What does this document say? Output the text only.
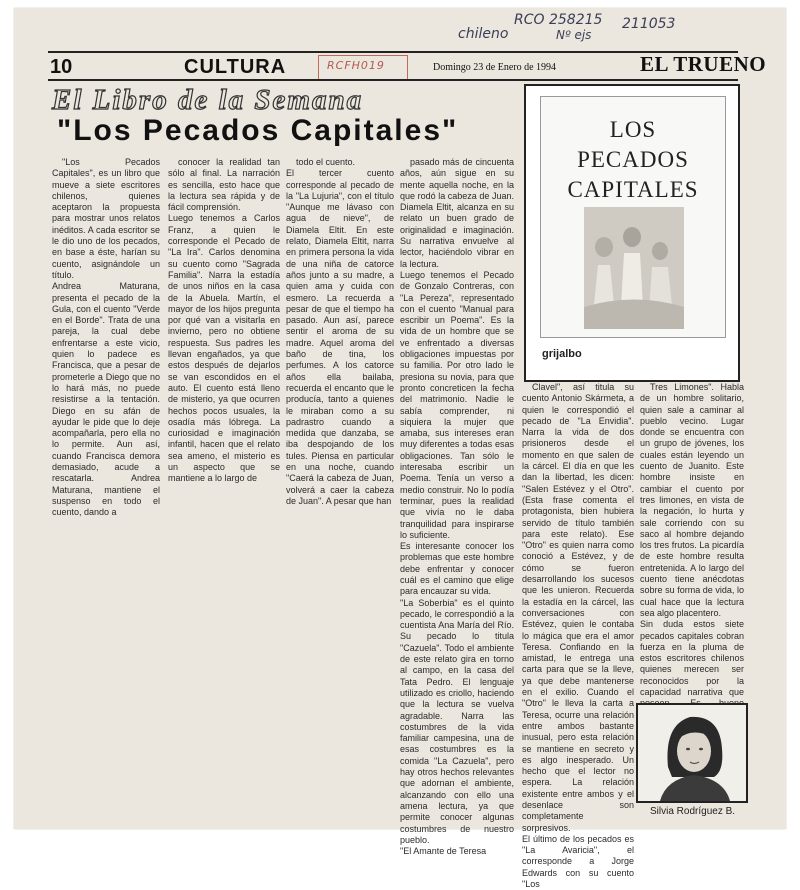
RCO 258215
chileno	Nº ejs
211053
10	CULTURA	RCFH019	Domingo 23 de Enero de 1994	EL TRUENO
El Libro de la Semana
"Los Pecados Capitales"
"Los Pecados Capitales", es un libro que mueve a siete escritores chilenos, quienes aceptaron la propuesta para mostrar unos relatos inéditos. A cada escritor se le dio uno de los pecados, en base a éste, harían su cuento, asignándole un título.
Andrea Maturana, presenta el pecado de la Gula, con el cuento "Verde en el Borde". Trata de una pareja, la cual debe enfrentarse a este vicio, quien lo padece es Francisca, que a pesar de prometerle a Diego que no lo hará más, no puede resistirse a la tentación. Diego en su afán de ayudar le pide que lo deje acompañarla, pero ella no lo permite. Aun así, cuando Francisca demora demasiado, acude a rescatarla. Andrea Maturana, mantiene el suspenso en todo el cuento, dando a
conocer la realidad tan sólo al final. La narración es sencilla, esto hace que la lectura sea rápida y de fácil comprensión.
Luego tenemos a Carlos Franz, a quien le corresponde el Pecado de "La Ira". Carlos denomina su cuento como "Sagrada Familia". Narra la estadía de unos niños en la casa de la Abuela. Martín, el mayor de los hijos pregunta por qué van a visitarla en invierno, pero no obtiene respuesta. Sus padres les llevan engañados, ya que estos después de dejarlos se van escondidos en el auto. El cuento está lleno de misterio, ya que ocurren hechos pocos usuales, la osadía más lóbrega. La curiosidad e imaginación infantil, hacen que el relato sea ameno, el misterio es un aspecto que se mantiene a lo largo de
todo el cuento.
El tercer cuento corresponde al pecado de la "La Lujuria", con el título "Aunque me lávaso con agua de nieve", de Diamela Eltit. En este relato, Diamela Eltit, narra en primera persona la vida de una niña de catorce años junto a su madre, a quien ama y cuida con esmero. La recuerda a pesar de que el tiempo ha pasado. Aun así, parece sentir el aroma de su madre. Aquel aroma del baño de tina, los perfumes. A los catorce años ella bailaba, recuerda el encanto que le producía, tanto a quienes le miraban como a su padrastro cuando a medida que danzaba, se iba despojando de los tules. Piensa en particular en una noche, cuando "Caerá la cabeza de Juan, volverá a caer la cabeza de Juan". A pesar que han
pasado más de cincuenta años, aún sigue en su mente aquella noche, en la que rodó la cabeza de Juan. Diamela Eltit, alcanza en su relato un buen grado de originalidad e imaginación. Su narrativa envuelve al lector, haciéndolo vibrar en la lectura.
Luego tenemos el Pecado de Gonzalo Contreras, con "La Pereza", representado con el cuento "Manual para escribir un Poema". Es la vida de un hombre que se ve enfrentado a diversas obligaciones impuestas por su familia. Por otro lado le presiona su novia, para que pronto concreticen la fecha del matrimonio. Nadie le sabía comprender, ni siquiera la mujer que amaba, sus intereses eran muy diferentes a todas esas obligaciones. Tan sólo le interesaba escribir un Poema. Tenía un verso a medio construir. No lo podía terminar, pues la realidad que vivía no le daba tranquilidad para inspirarse lo suficiente.
Es interesante conocer los problemas que este hombre debe enfrentar y conocer cuál es el camino que elige para encauzar su vida.
"La Soberbia" es el quinto pecado, le correspondió a la cuentista Ana María del Río. Su pecado lo titula "Cazuela". Todo el ambiente de este relato gira en torno al campo, en la casa del Tata Pedro. El lenguaje utilizado es criollo, haciendo que la lectura se vuelva agradable. Narra las costumbres de la vida familiar campesina, una de esas costumbres es la comida "La Cazuela", pero hay otros hechos relevantes que adornan el ambiente, alcanzando con ello una amena lectura, ya que permite conocer algunas costumbres de nuestro pueblo.
"El Amante de Teresa
Clavel", así titula su cuento Antonio Skármeta, a quien le correspondió el pecado de "La Envidia". Narra la vida de dos prisioneros desde el momento en que salen de la cárcel. El día en que les dan la libertad, les dicen: "Salen Estévez y el Otro". (Esta frase comenta el protagonista, bien hubiera servido de título también para este relato). Ese "Otro" es quien narra como conoció a Estévez, y de cómo se fueron desarrollando los sucesos que les unieron. Recuerda la estadía en la cárcel, las conversaciones con Estévez, quien le contaba lo mágica que era el amor Teresa. Confiando en la amistad, le entrega una carta para que se la lleve, ya que debe mantenerse en el exilio. Cuando el "Otro" le lleva la carta a Teresa, ocurre una relación entre ambos bastante inusual, pero esta relación se mantiene en secreto y es algo inesperado. Un hecho que el lector no espera. La relación existente entre ambos y el desenlace son completamente sorpresivos.
El último de los pecados es "La Avaricia", el corresponde a Jorge Edwards con su cuento "Los
Tres Limones". Habla de un hombre solitario, quien sale a caminar al pueblo vecino. Lugar donde se encuentra con un grupo de jóvenes, los cuales están leyendo un cuento de Juanito. Este hombre insiste en cambiar el cuento por tres limones, en vista de la negación, lo hurta y sale corriendo con su saco al hombre dejando los tres frutos. La picardía de este hombre resulta entretenida. A lo largo del cuento tiene anécdotas sobre su forma de vida, lo cual hace que la lectura sea algo placentero.
Sin duda estos siete pecados capitales cobran fuerza en la pluma de estos escritores chilenos quienes merecen ser reconocidos por la capacidad narrativa que
LOS
PECADOS
CAPITALES
grijalbo
Silvia Rodríguez B.
